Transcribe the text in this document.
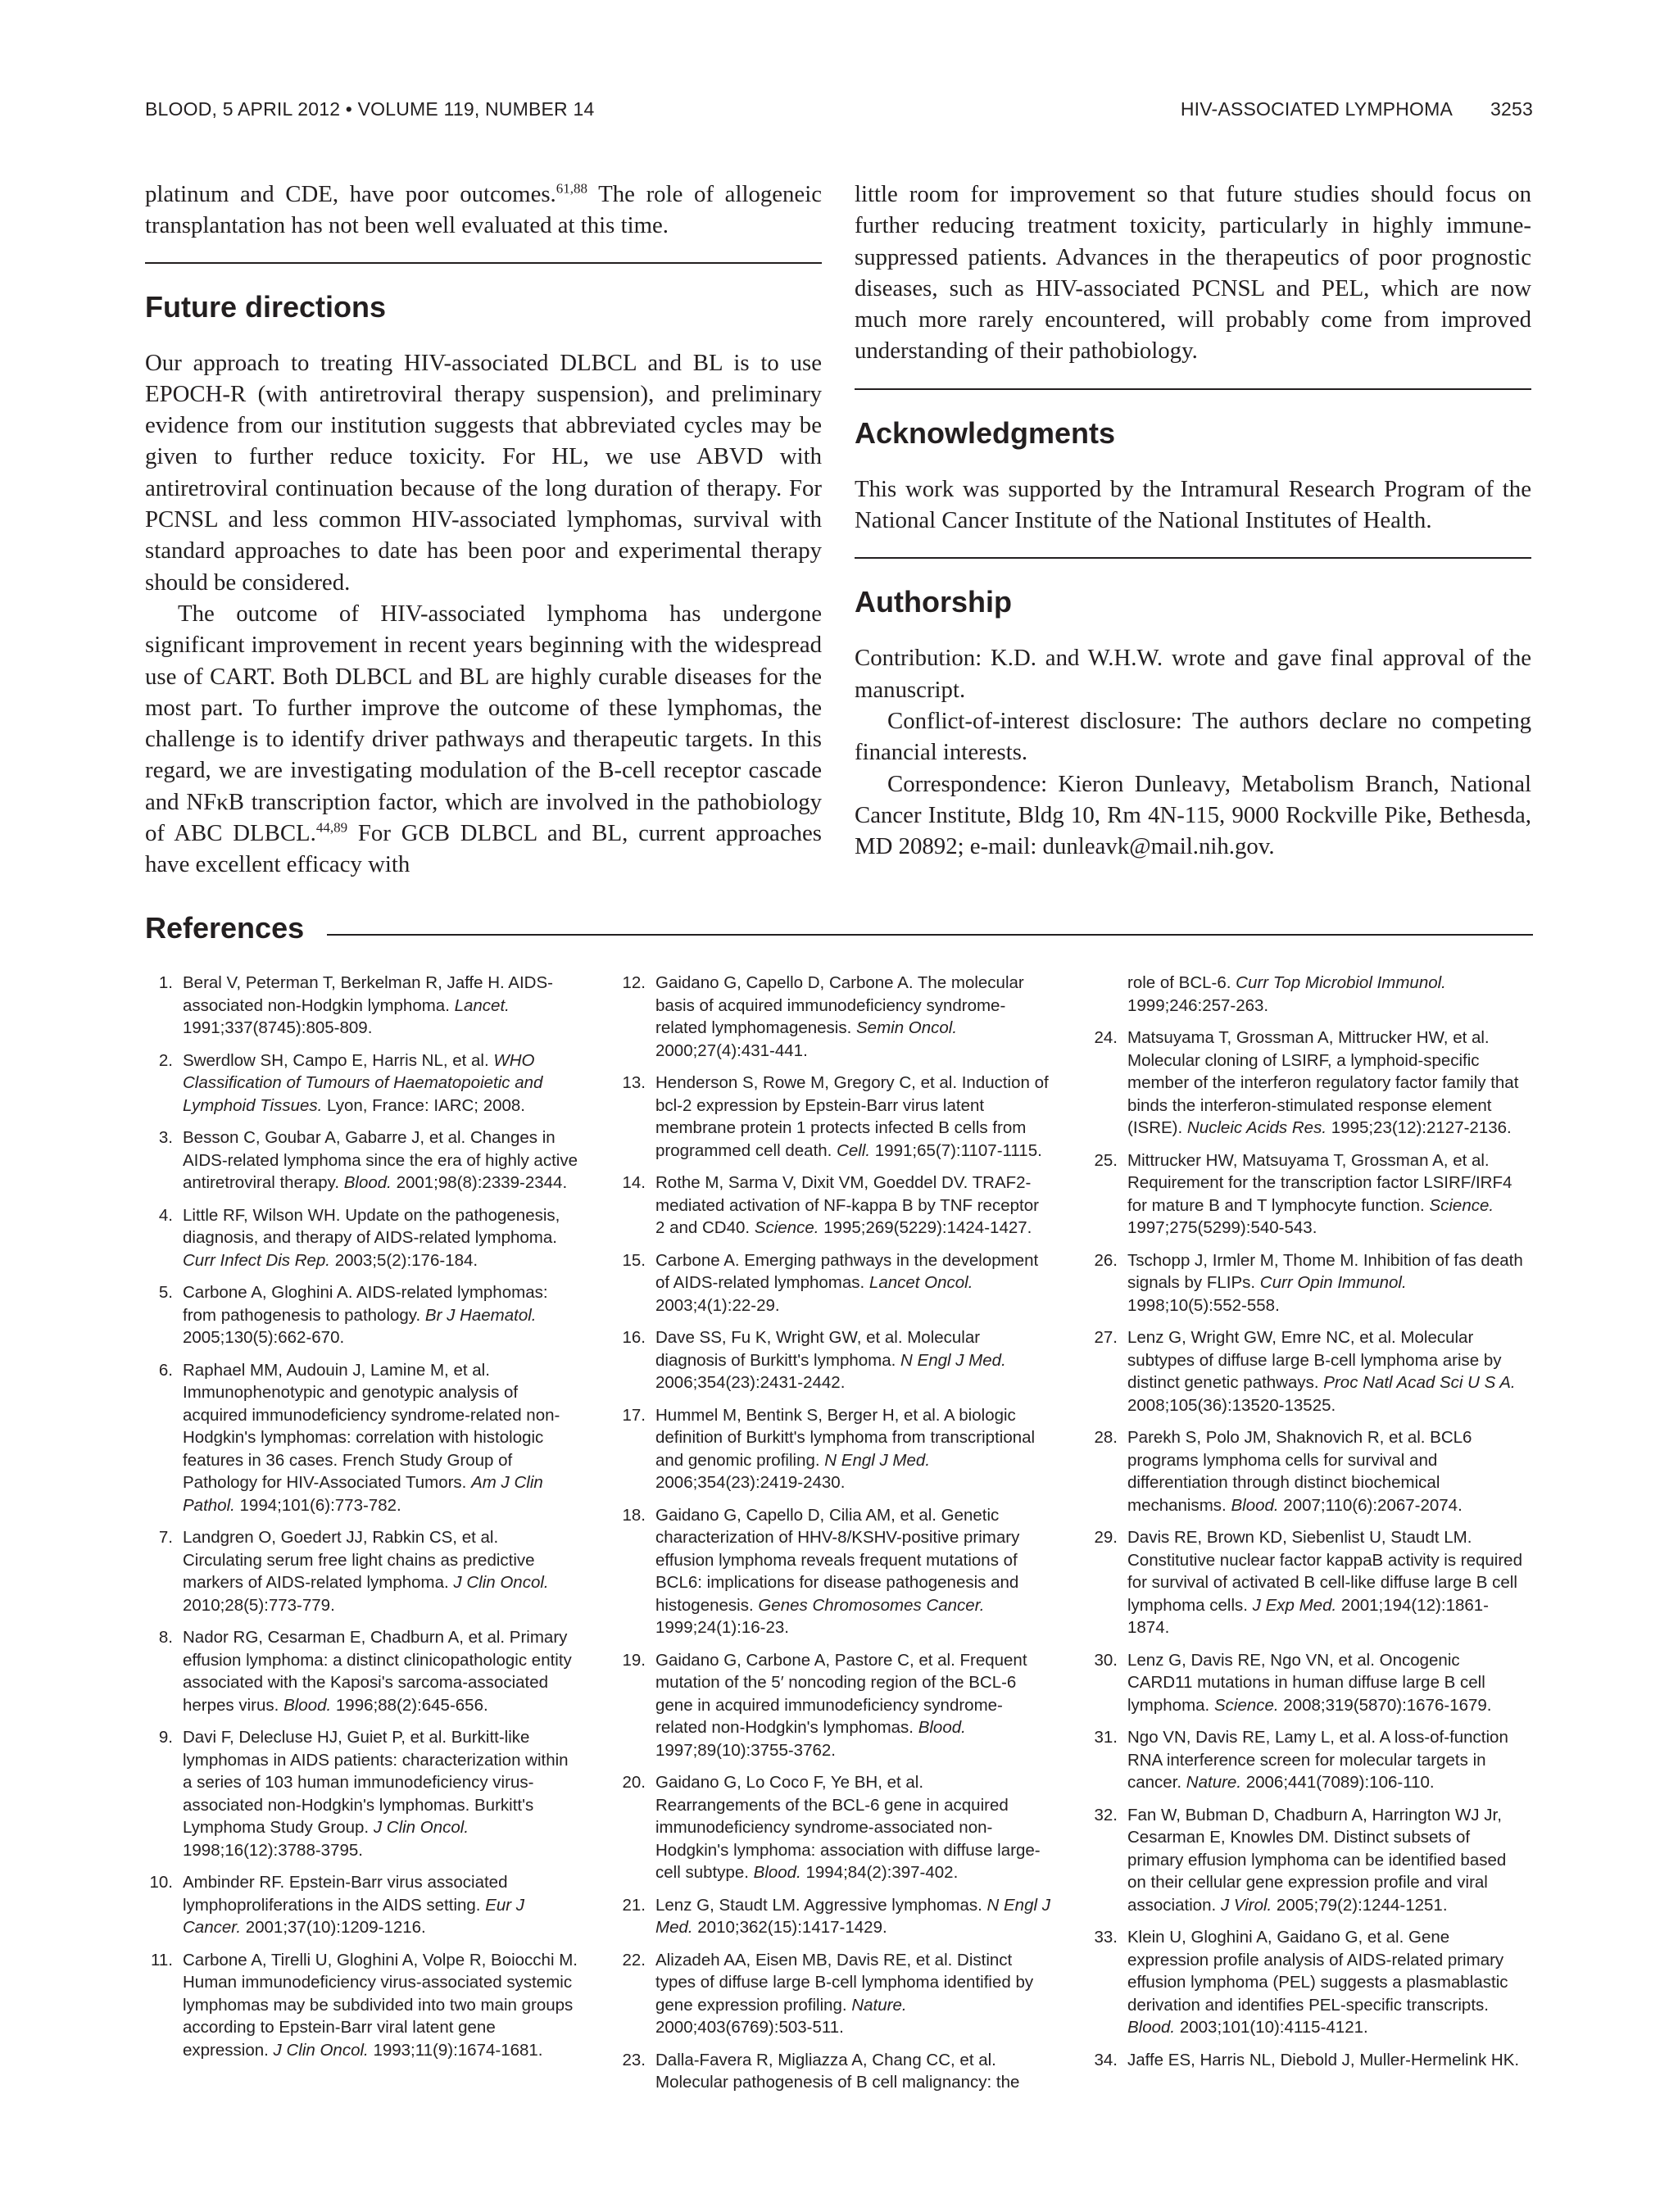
BLOOD, 5 APRIL 2012 • VOLUME 119, NUMBER 14	HIV-ASSOCIATED LYMPHOMA 3253

platinum and CDE, have poor outcomes.$^{61,88}$ The role of allogeneic transplantation has not been well evaluated at this time.

Future directions

Our approach to treating HIV-associated DLBCL and BL is to use EPOCH-R (with antiretroviral therapy suspension), and preliminary evidence from our institution suggests that abbreviated cycles may be given to further reduce toxicity. For HL, we use ABVD with antiretroviral continuation because of the long duration of therapy. For PCNSL and less common HIV-associated lymphomas, survival with standard approaches to date has been poor and experimental therapy should be considered.

The outcome of HIV-associated lymphoma has undergone significant improvement in recent years beginning with the widespread use of CART. Both DLBCL and BL are highly curable diseases for the most part. To further improve the outcome of these lymphomas, the challenge is to identify driver pathways and therapeutic targets. In this regard, we are investigating modulation of the B-cell receptor cascade and NFκB transcription factor, which are involved in the pathobiology of ABC DLBCL.$^{44,89}$ For GCB DLBCL and BL, current approaches have excellent efficacy with

little room for improvement so that future studies should focus on further reducing treatment toxicity, particularly in highly immune-suppressed patients. Advances in the therapeutics of poor prognostic diseases, such as HIV-associated PCNSL and PEL, which are now much more rarely encountered, will probably come from improved understanding of their pathobiology.

Acknowledgments

This work was supported by the Intramural Research Program of the National Cancer Institute of the National Institutes of Health.

Authorship

Contribution: K.D. and W.H.W. wrote and gave final approval of the manuscript.

Conflict-of-interest disclosure: The authors declare no competing financial interests.

Correspondence: Kieron Dunleavy, Metabolism Branch, National Cancer Institute, Bldg 10, Rm 4N-115, 9000 Rockville Pike, Bethesda, MD 20892; e-mail: dunleavk@mail.nih.gov.

References
1. Beral V, Peterman T, Berkelman R, Jaffe H. AIDS-associated non-Hodgkin lymphoma. Lancet. 1991;337(8745):805-809.
2. Swerdlow SH, Campo E, Harris NL, et al. WHO Classification of Tumours of Haematopoietic and Lymphoid Tissues. Lyon, France: IARC; 2008.
3. Besson C, Goubar A, Gabarre J, et al. Changes in AIDS-related lymphoma since the era of highly active antiretroviral therapy. Blood. 2001;98(8):2339-2344.
4. Little RF, Wilson WH. Update on the pathogenesis, diagnosis, and therapy of AIDS-related lymphoma. Curr Infect Dis Rep. 2003;5(2):176-184.
5. Carbone A, Gloghini A. AIDS-related lymphomas: from pathogenesis to pathology. Br J Haematol. 2005;130(5):662-670.
6. Raphael MM, Audouin J, Lamine M, et al. Immunophenotypic and genotypic analysis of acquired immunodeficiency syndrome-related non-Hodgkin's lymphomas: correlation with histologic features in 36 cases. French Study Group of Pathology for HIV-Associated Tumors. Am J Clin Pathol. 1994;101(6):773-782.
7. Landgren O, Goedert JJ, Rabkin CS, et al. Circulating serum free light chains as predictive markers of AIDS-related lymphoma. J Clin Oncol. 2010;28(5):773-779.
8. Nador RG, Cesarman E, Chadburn A, et al. Primary effusion lymphoma: a distinct clinicopathologic entity associated with the Kaposi's sarcoma-associated herpes virus. Blood. 1996;88(2):645-656.
9. Davi F, Delecluse HJ, Guiet P, et al. Burkitt-like lymphomas in AIDS patients: characterization within a series of 103 human immunodeficiency virus-associated non-Hodgkin's lymphomas. Burkitt's Lymphoma Study Group. J Clin Oncol. 1998;16(12):3788-3795.
10. Ambinder RF. Epstein-Barr virus associated lymphoproliferations in the AIDS setting. Eur J Cancer. 2001;37(10):1209-1216.
11. Carbone A, Tirelli U, Gloghini A, Volpe R, Boiocchi M. Human immunodeficiency virus-associated systemic lymphomas may be subdivided into two main groups according to Epstein-Barr viral latent gene expression. J Clin Oncol. 1993;11(9):1674-1681.
12. Gaidano G, Capello D, Carbone A. The molecular basis of acquired immunodeficiency syndrome-related lymphomagenesis. Semin Oncol. 2000;27(4):431-441.
13. Henderson S, Rowe M, Gregory C, et al. Induction of bcl-2 expression by Epstein-Barr virus latent membrane protein 1 protects infected B cells from programmed cell death. Cell. 1991;65(7):1107-1115.
14. Rothe M, Sarma V, Dixit VM, Goeddel DV. TRAF2-mediated activation of NF-kappa B by TNF receptor 2 and CD40. Science. 1995;269(5229):1424-1427.
15. Carbone A. Emerging pathways in the development of AIDS-related lymphomas. Lancet Oncol. 2003;4(1):22-29.
16. Dave SS, Fu K, Wright GW, et al. Molecular diagnosis of Burkitt's lymphoma. N Engl J Med. 2006;354(23):2431-2442.
17. Hummel M, Bentink S, Berger H, et al. A biologic definition of Burkitt's lymphoma from transcriptional and genomic profiling. N Engl J Med. 2006;354(23):2419-2430.
18. Gaidano G, Capello D, Cilia AM, et al. Genetic characterization of HHV-8/KSHV-positive primary effusion lymphoma reveals frequent mutations of BCL6: implications for disease pathogenesis and histogenesis. Genes Chromosomes Cancer. 1999;24(1):16-23.
19. Gaidano G, Carbone A, Pastore C, et al. Frequent mutation of the 5′ noncoding region of the BCL-6 gene in acquired immunodeficiency syndrome-related non-Hodgkin's lymphomas. Blood. 1997;89(10):3755-3762.
20. Gaidano G, Lo Coco F, Ye BH, et al. Rearrangements of the BCL-6 gene in acquired immunodeficiency syndrome-associated non-Hodgkin's lymphoma: association with diffuse large-cell subtype. Blood. 1994;84(2):397-402.
21. Lenz G, Staudt LM. Aggressive lymphomas. N Engl J Med. 2010;362(15):1417-1429.
22. Alizadeh AA, Eisen MB, Davis RE, et al. Distinct types of diffuse large B-cell lymphoma identified by gene expression profiling. Nature. 2000;403(6769):503-511.
23. Dalla-Favera R, Migliazza A, Chang CC, et al. Molecular pathogenesis of B cell malignancy: the
role of BCL-6. Curr Top Microbiol Immunol. 1999;246:257-263.
24. Matsuyama T, Grossman A, Mittrucker HW, et al. Molecular cloning of LSIRF, a lymphoid-specific member of the interferon regulatory factor family that binds the interferon-stimulated response element (ISRE). Nucleic Acids Res. 1995;23(12):2127-2136.
25. Mittrucker HW, Matsuyama T, Grossman A, et al. Requirement for the transcription factor LSIRF/IRF4 for mature B and T lymphocyte function. Science. 1997;275(5299):540-543.
26. Tschopp J, Irmler M, Thome M. Inhibition of fas death signals by FLIPs. Curr Opin Immunol. 1998;10(5):552-558.
27. Lenz G, Wright GW, Emre NC, et al. Molecular subtypes of diffuse large B-cell lymphoma arise by distinct genetic pathways. Proc Natl Acad Sci U S A. 2008;105(36):13520-13525.
28. Parekh S, Polo JM, Shaknovich R, et al. BCL6 programs lymphoma cells for survival and differentiation through distinct biochemical mechanisms. Blood. 2007;110(6):2067-2074.
29. Davis RE, Brown KD, Siebenlist U, Staudt LM. Constitutive nuclear factor kappaB activity is required for survival of activated B cell-like diffuse large B cell lymphoma cells. J Exp Med. 2001;194(12):1861-1874.
30. Lenz G, Davis RE, Ngo VN, et al. Oncogenic CARD11 mutations in human diffuse large B cell lymphoma. Science. 2008;319(5870):1676-1679.
31. Ngo VN, Davis RE, Lamy L, et al. A loss-of-function RNA interference screen for molecular targets in cancer. Nature. 2006;441(7089):106-110.
32. Fan W, Bubman D, Chadburn A, Harrington WJ Jr, Cesarman E, Knowles DM. Distinct subsets of primary effusion lymphoma can be identified based on their cellular gene expression profile and viral association. J Virol. 2005;79(2):1244-1251.
33. Klein U, Gloghini A, Gaidano G, et al. Gene expression profile analysis of AIDS-related primary effusion lymphoma (PEL) suggests a plasmablastic derivation and identifies PEL-specific transcripts. Blood. 2003;101(10):4115-4121.
34. Jaffe ES, Harris NL, Diebold J, Muller-Hermelink HK.
